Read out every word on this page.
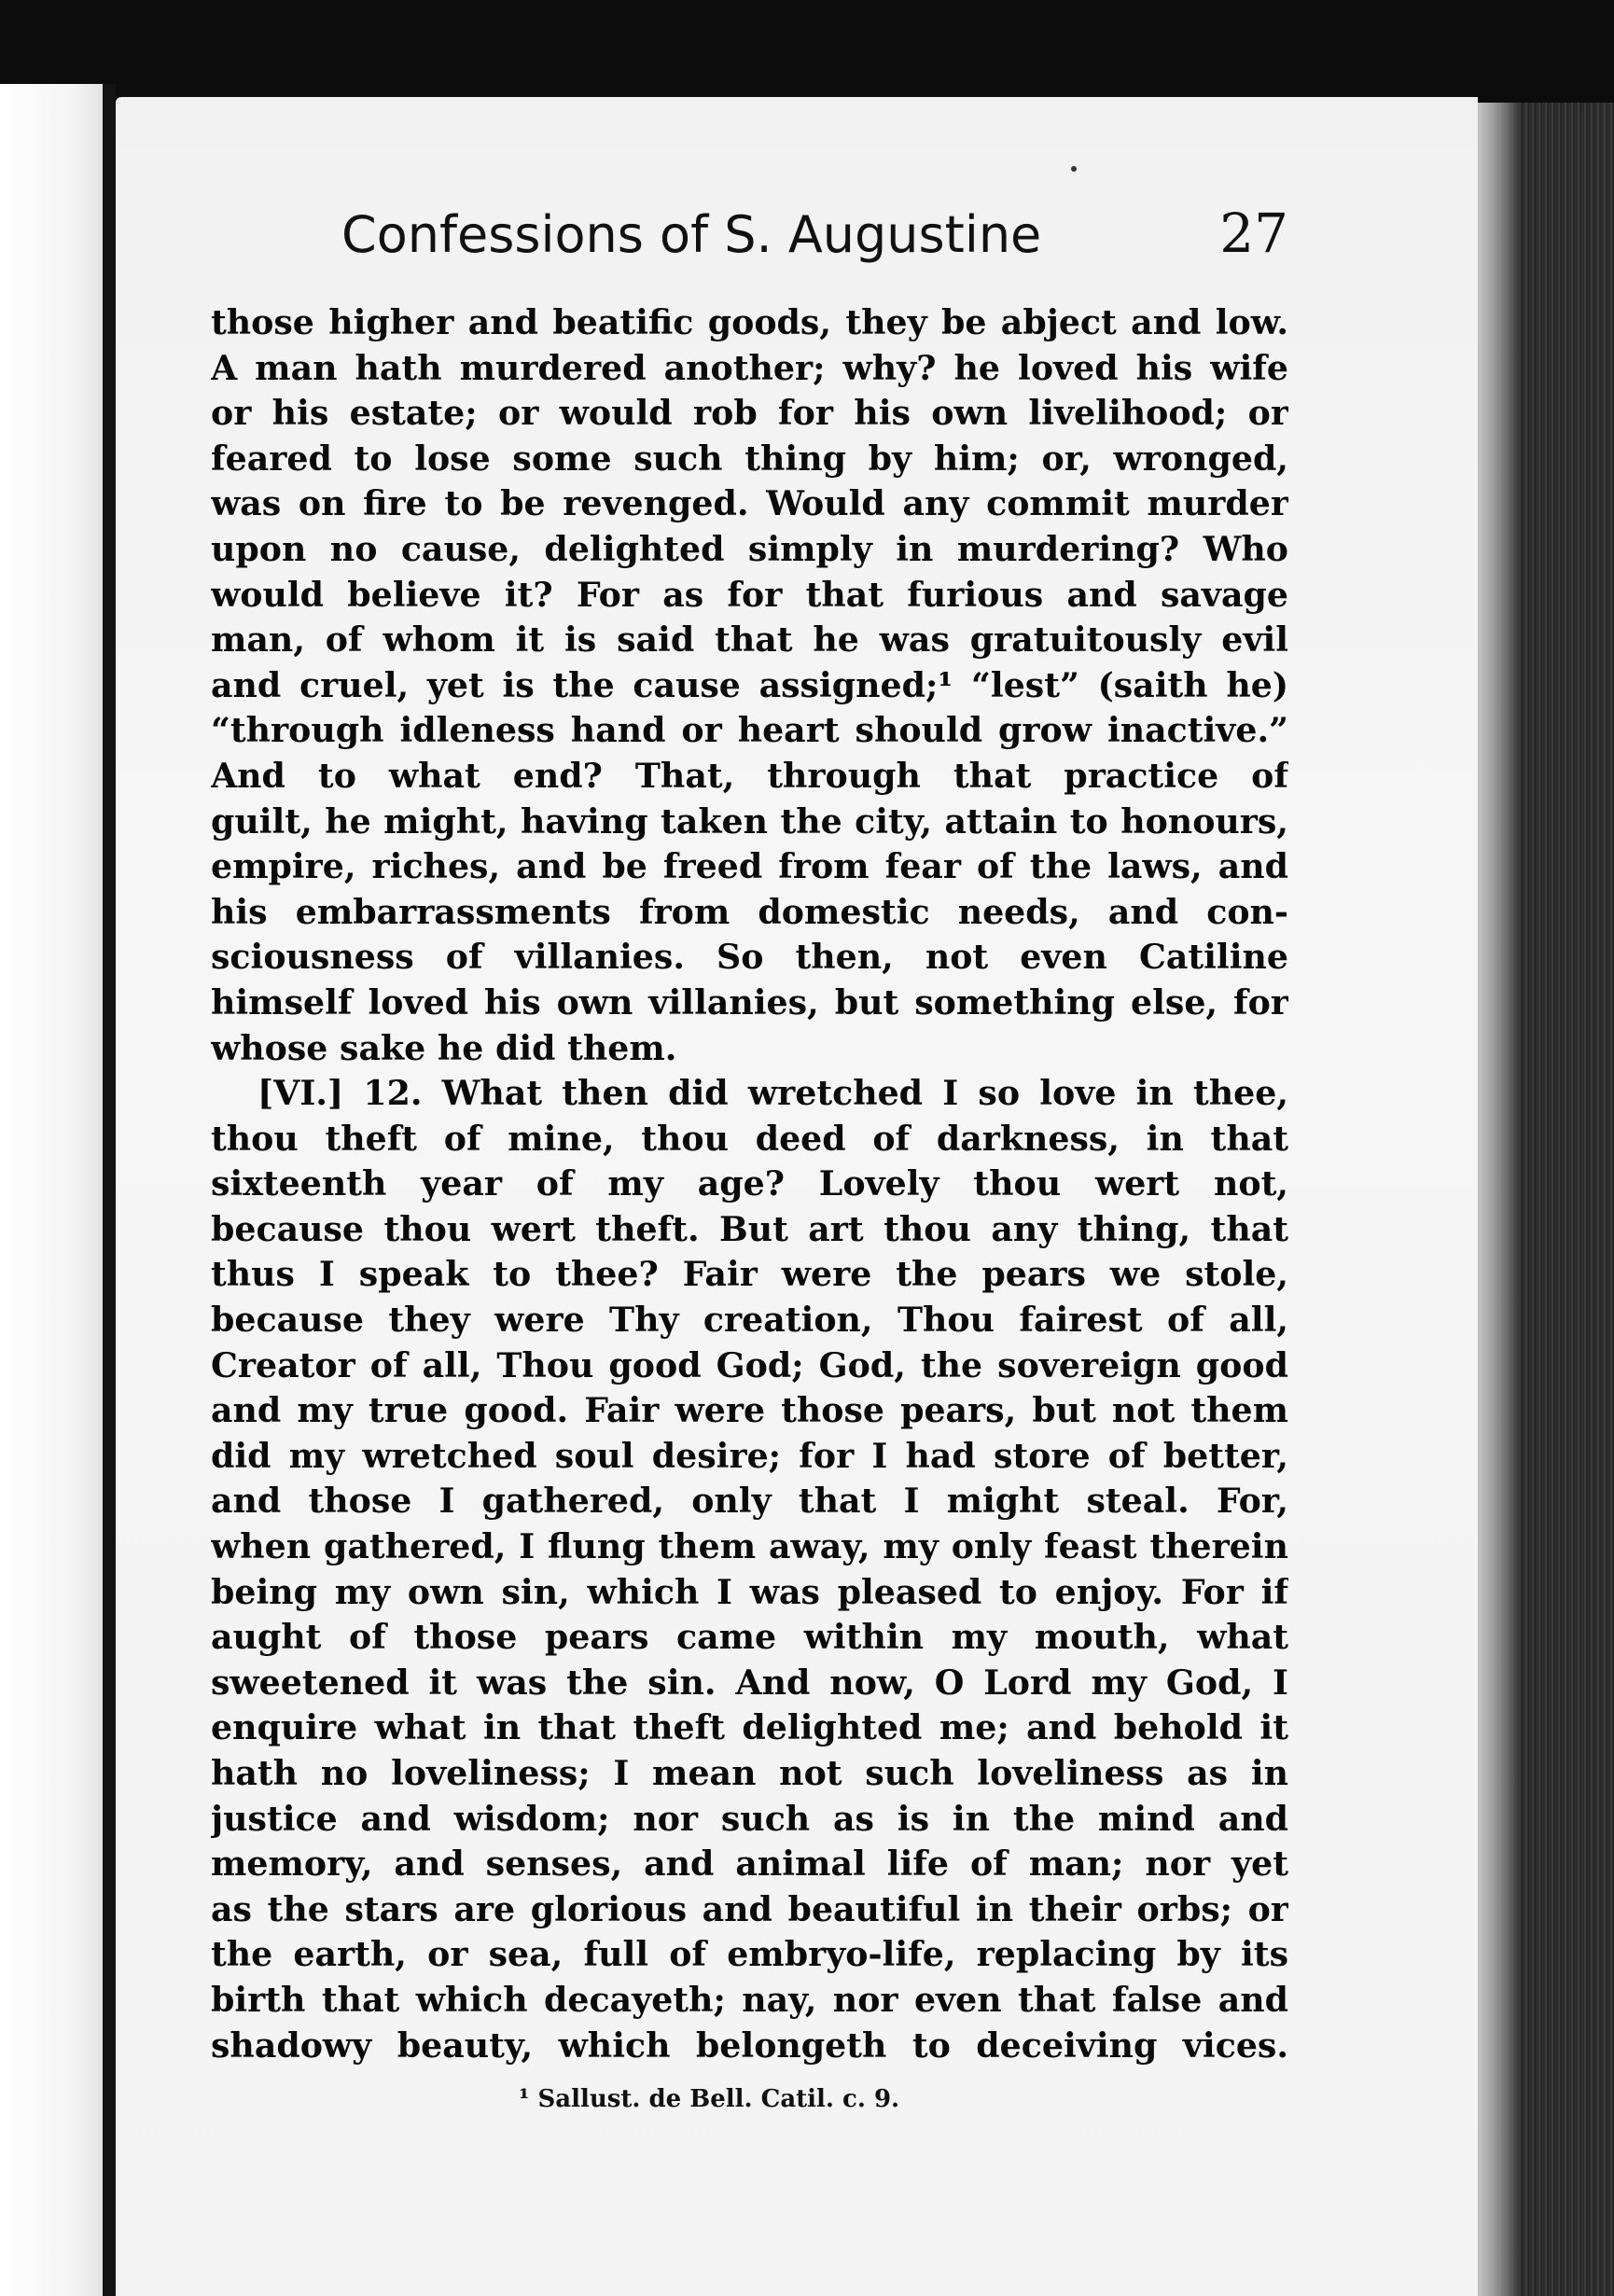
Confessions of S. Augustine	27
those higher and beatific goods, they be abject and low.
A man hath murdered another; why? he loved his wife
or his estate; or would rob for his own livelihood; or
feared to lose some such thing by him; or, wronged,
was on fire to be revenged. Would any commit murder
upon no cause, delighted simply in murdering? Who
would believe it? For as for that furious and savage
man, of whom it is said that he was gratuitously evil
and cruel, yet is the cause assigned;¹ “lest” (saith he)
“through idleness hand or heart should grow inactive.”
And to what end? That, through that practice of
guilt, he might, having taken the city, attain to honours,
empire, riches, and be freed from fear of the laws, and
his embarrassments from domestic needs, and con-
sciousness of villanies. So then, not even Catiline
himself loved his own villanies, but something else, for
whose sake he did them.
[VI.] 12. What then did wretched I so love in thee,
thou theft of mine, thou deed of darkness, in that
sixteenth year of my age? Lovely thou wert not,
because thou wert theft. But art thou any thing, that
thus I speak to thee? Fair were the pears we stole,
because they were Thy creation, Thou fairest of all,
Creator of all, Thou good God; God, the sovereign good
and my true good. Fair were those pears, but not them
did my wretched soul desire; for I had store of better,
and those I gathered, only that I might steal. For,
when gathered, I flung them away, my only feast therein
being my own sin, which I was pleased to enjoy. For if
aught of those pears came within my mouth, what
sweetened it was the sin. And now, O Lord my God, I
enquire what in that theft delighted me; and behold it
hath no loveliness; I mean not such loveliness as in
justice and wisdom; nor such as is in the mind and
memory, and senses, and animal life of man; nor yet
as the stars are glorious and beautiful in their orbs; or
the earth, or sea, full of embryo-life, replacing by its
birth that which decayeth; nay, nor even that false and
shadowy beauty, which belongeth to deceiving vices.
¹ Sallust. de Bell. Catil. c. 9.
